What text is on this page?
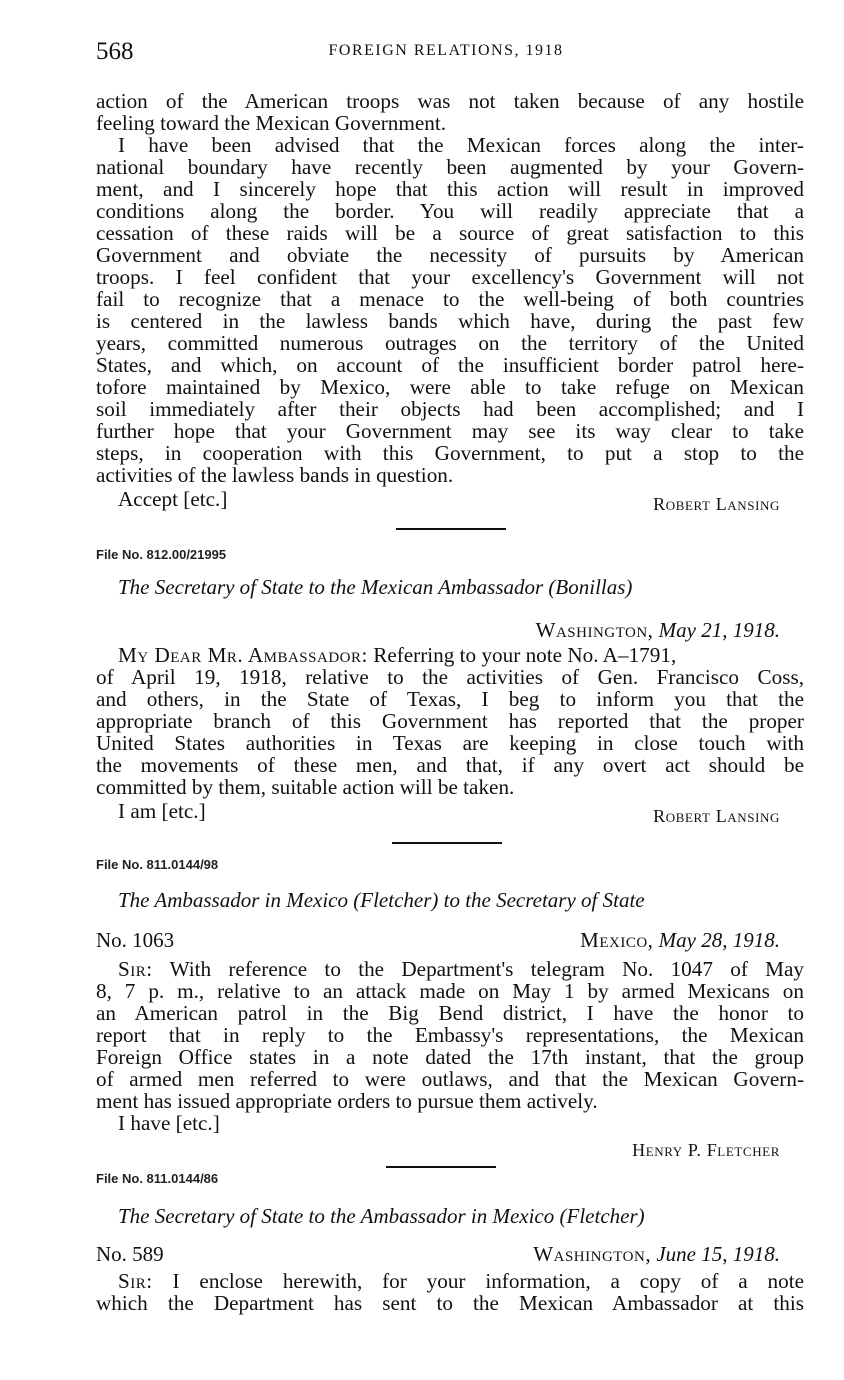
568	FOREIGN RELATIONS, 1918
action of the American troops was not taken because of any hostile
feeling toward the Mexican Government.
I have been advised that the Mexican forces along the inter-
national boundary have recently been augmented by your Govern-
ment, and I sincerely hope that this action will result in improved
conditions along the border. You will readily appreciate that a
cessation of these raids will be a source of great satisfaction to this
Government and obviate the necessity of pursuits by American
troops. I feel confident that your excellency's Government will not
fail to recognize that a menace to the well-being of both countries
is centered in the lawless bands which have, during the past few
years, committed numerous outrages on the territory of the United
States, and which, on account of the insufficient border patrol here-
tofore maintained by Mexico, were able to take refuge on Mexican
soil immediately after their objects had been accomplished; and I
further hope that your Government may see its way clear to take
steps, in cooperation with this Government, to put a stop to the
activities of the lawless bands in question.
Accept [etc.]	Robert Lansing
File No. 812.00/21995
The Secretary of State to the Mexican Ambassador (Bonillas)
Washington, May 21, 1918.
My Dear Mr. Ambassador: Referring to your note No. A–1791,
of April 19, 1918, relative to the activities of Gen. Francisco Coss,
and others, in the State of Texas, I beg to inform you that the
appropriate branch of this Government has reported that the proper
United States authorities in Texas are keeping in close touch with
the movements of these men, and that, if any overt act should be
committed by them, suitable action will be taken.
I am [etc.]	Robert Lansing
File No. 811.0144/98
The Ambassador in Mexico (Fletcher) to the Secretary of State
No. 1063	Mexico, May 28, 1918.
Sir: With reference to the Department's telegram No. 1047 of May
8, 7 p. m., relative to an attack made on May 1 by armed Mexicans on
an American patrol in the Big Bend district, I have the honor to
report that in reply to the Embassy's representations, the Mexican
Foreign Office states in a note dated the 17th instant, that the group
of armed men referred to were outlaws, and that the Mexican Govern-
ment has issued appropriate orders to pursue them actively.
I have [etc.]
Henry P. Fletcher
File No. 811.0144/86
The Secretary of State to the Ambassador in Mexico (Fletcher)
No. 589	Washington, June 15, 1918.
Sir: I enclose herewith, for your information, a copy of a note
which the Department has sent to the Mexican Ambassador at this
